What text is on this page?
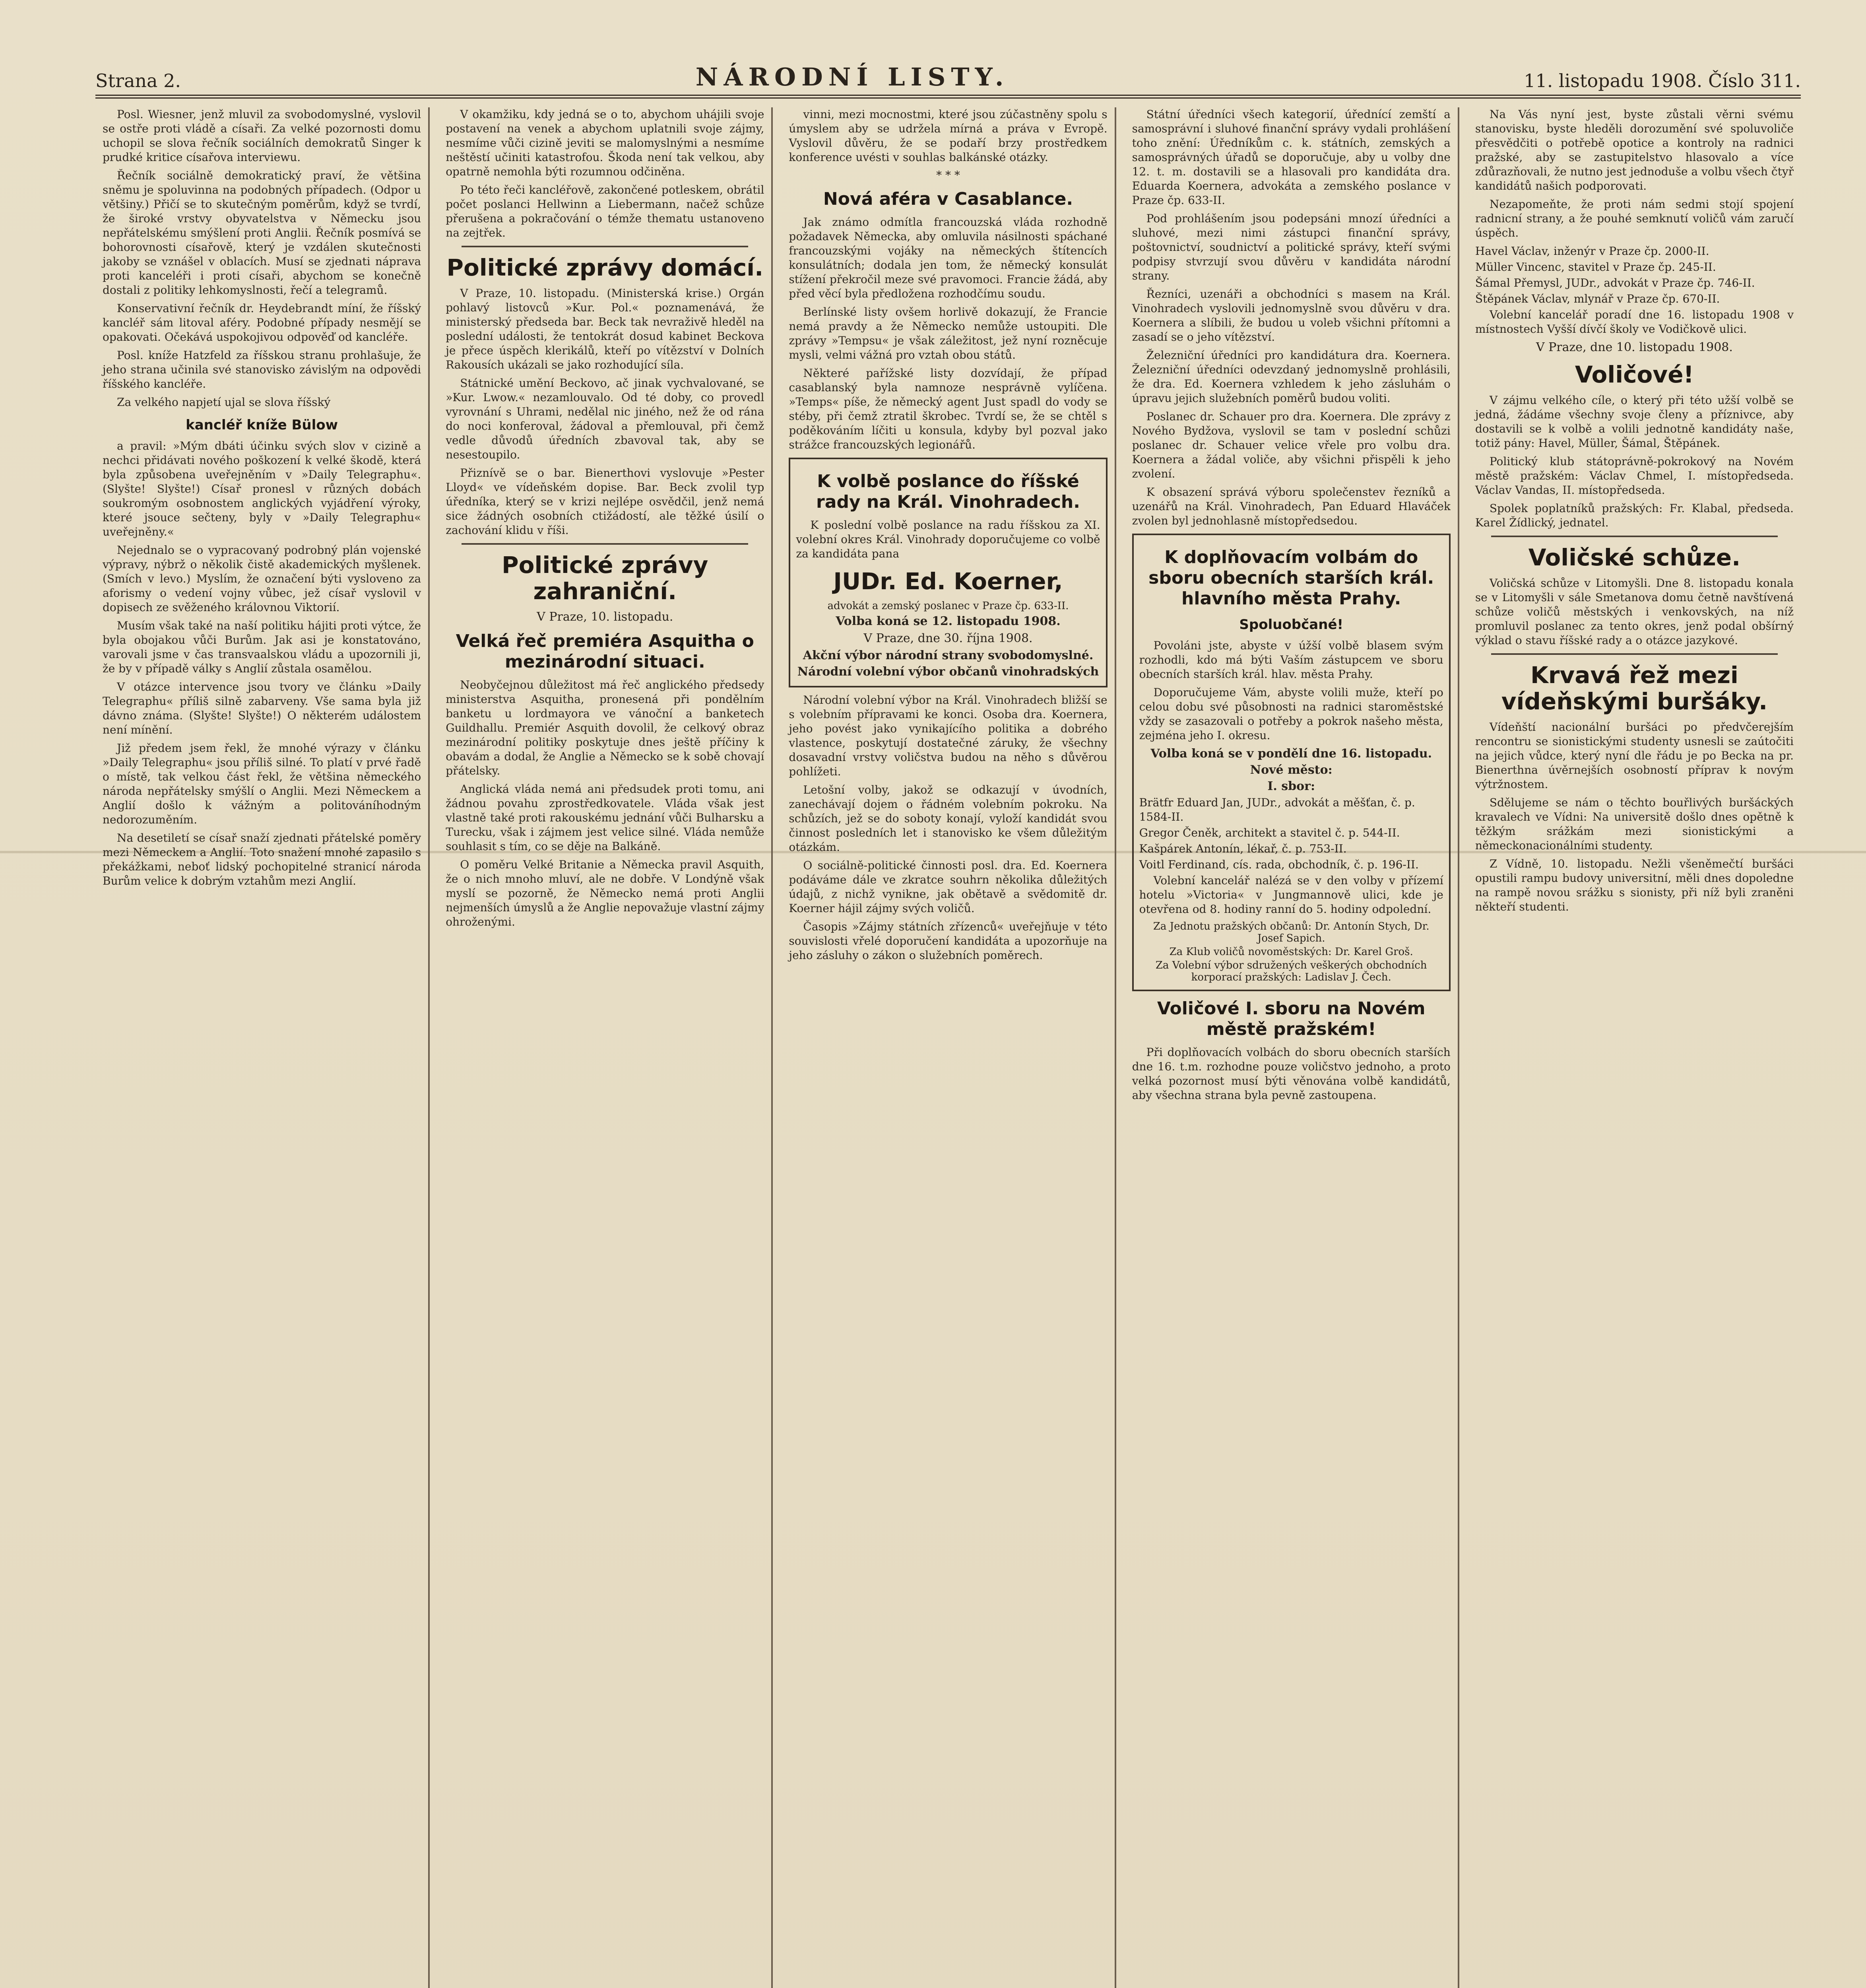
Strana 2.	NÁRODNÍ LISTY.	11. listopadu 1908. Číslo 311.

Posl. Wiesner, jenž mluvil za svobodomyslné, vyslovil se ostře proti vládě a císaři. Za velké pozornosti domu uchopil se slova řečník sociálních demokratů Singer k prudké kritice císařova interviewu.

Řečník sociálně demokratický praví, že většina sněmu je spoluvinna na podobných případech. (Odpor u většiny.) Přičí se to skutečným poměrům, když se tvrdí, že široké vrstvy obyvatelstva v Německu jsou nepřátelskému smýšlení proti Anglii. Řečník posmívá se bohorovnosti císařově, který je vzdálen skutečnosti jakoby se vznášel v oblacích. Musí se zjednati náprava proti kanceléři i proti císaři, abychom se konečně dostali z politiky lehkomyslnosti, řečí a telegramů.

Konservativní řečník dr. Heydebrandt míní, že říšský kancléř sám litoval aféry. Podobné případy nesmějí se opakovati. Očekává uspokojivou odpověď od kancléře.

Posl. kníže Hatzfeld za říšskou stranu prohlašuje, že jeho strana učinila své stanovisko závislým na odpovědi říšského kancléře.

Za velkého napjetí ujal se slova říšský

kancléř kníže Bülow

a pravil: »Mým dbáti účinku svých slov v cizině a nechci přidávati nového poškození k velké škodě, která byla způsobena uveřejněním v »Daily Telegraphu«. (Slyšte! Slyšte!) Císař pronesl v různých dobách soukromým osobnostem anglických vyjádření výroky, které jsouce sečteny, byly v »Daily Telegraphu« uveřejněny.«

Nejednalo se o vypracovaný podrobný plán vojenské výpravy, nýbrž o několik čistě akademických myšlenek. (Smích v levo.) Myslím, že označení býti vysloveno za aforismy o vedení vojny vůbec, jež císař vyslovil v dopisech ze svěženého královnou Viktorií.

Musím však také na naší politiku hájiti proti výtce, že byla obojakou vůči Burům. Jak asi je konstatováno, varovali jsme v čas transvaalskou vládu a upozornili ji, že by v případě války s Anglií zůstala osamělou.

V otázce intervence jsou tvory ve článku »Daily Telegraphu« příliš silně zabarveny. Vše sama byla již dávno známa. (Slyšte! Slyšte!) O některém událostem není mínění.

Již předem jsem řekl, že mnohé výrazy v článku »Daily Telegraphu« jsou příliš silné. To platí v prvé řadě o místě, tak velkou část řekl, že většina německého národa nepřátelsky smýšlí o Anglii. Mezi Německem a Anglií došlo k vážným a politováníhodným nedorozuměním.

Na desetiletí se císař snaží zjednati přátelské poměry mezi Německem a Anglií. Toto snažení mnohé zapasilo s překážkami, neboť lidský pochopitelné stranicí národa Burům velice k dobrým vztahům mezi Anglií.

V okamžiku, kdy jedná se o to, abychom uhájili svoje postavení na venek a abychom uplatnili svoje zájmy, nesmíme vůči cizině jeviti se malomyslnými a nesmíme neštěstí učiniti katastrofou. Škoda není tak velkou, aby opatrně nemohla býti rozumnou odčiněna.

Po této řeči kancléřově, zakončené potleskem, obrátil počet poslanci Hellwinn a Liebermann, načež schůze přerušena a pokračování o témže thematu ustanoveno na zejtřek.

Politické zprávy domácí.

V Praze, 10. listopadu. (Ministerská krise.) Orgán pohlavý listovců »Kur. Pol.« poznamenává, že ministerský předseda bar. Beck tak nevraživě hleděl na poslední události, že tentokrát dosud kabinet Beckova je přece úspěch klerikálů, kteří po vítězství v Dolních Rakousích ukázali se jako rozhodující síla.

Státnické umění Beckovo, ač jinak vychvalované, se »Kur. Lwow.« nezamlouvalo. Od té doby, co provedl vyrovnání s Uhrami, nedělal nic jiného, než že od rána do noci konferoval, žádoval a přemlouval, při čemž vedle důvodů úředních zbavoval tak, aby se nesestoupilo.

Přiznívě se o bar. Bienerthovi vyslovuje »Pester Lloyd« ve vídeňském dopise. Bar. Beck zvolil typ úředníka, který se v krizi nejlépe osvědčil, jenž nemá sice žádných osobních ctižádostí, ale těžké úsilí o zachování klidu v říši.

Politické zprávy zahraniční.
V Praze, 10. listopadu.
Velká řeč premiéra Asquitha o mezinárodní situaci.

Neobyčejnou důležitost má řeč anglického předsedy ministerstva Asquitha, pronesená při pondělním banketu u lordmayora ve vánoční a banketech Guildhallu. Premiér Asquith dovolil, že celkový obraz mezinárodní politiky poskytuje dnes ještě příčiny k obavám a dodal, že Anglie a Německo se k sobě chovají přátelsky.

Anglická vláda nemá ani předsudek proti tomu, ani žádnou povahu zprostředkovatele. Vláda však jest vlastně také proti rakouskému jednání vůči Bulharsku a Turecku, však i zájmem jest velice silné. Vláda nemůže souhlasit s tím, co se děje na Balkáně.

O poměru Velké Britanie a Německa pravil Asquith, že o nich mnoho mluví, ale ne dobře. V Londýně však myslí se pozorně, že Německo nemá proti Anglii nejmenších úmyslů a že Anglie nepovažuje vlastní zájmy ohroženými.

vinni, mezi mocnostmi, které jsou zúčastněny spolu s úmyslem aby se udržela mírná a práva v Evropě. Vyslovil důvěru, že se podaří brzy prostředkem konference uvésti v souhlas balkánské otázky.

* * *
Nová aféra v Casablance.

Jak známo odmítla francouzská vláda rozhodně požadavek Německa, aby omluvila násilnosti spáchané francouzskými vojáky na německých štítencích konsulátních; dodala jen tom, že německý konsulát stížení překročil meze své pravomoci. Francie žádá, aby před věcí byla předložena rozhodčímu soudu.

Berlínské listy ovšem horlivě dokazují, že Francie nemá pravdy a že Německo nemůže ustoupiti. Dle zprávy »Tempsu« je však záležitost, jež nyní rozněcuje mysli, velmi vážná pro vztah obou států.

Některé pařížské listy dozvídají, že případ casablanský byla namnoze nesprávně vylíčena. »Temps« píše, že německý agent Just spadl do vody se stéby, při čemž ztratil škrobec. Tvrdí se, že se chtěl s poděkováním líčiti u konsula, kdyby byl pozval jako strážce francouzských legionářů.

K volbě poslance do říšské rady na Král. Vinohradech.

K poslední volbě poslance na radu říšskou za XI. volební okres Král. Vinohrady doporučujeme co volbě za kandidáta pana

JUDr. Ed. Koerner,
advokát a zemský poslanec v Praze čp. 633-II.
Volba koná se 12. listopadu 1908.
V Praze, dne 30. října 1908.
Akční výbor národní strany svobodomyslné.
Národní volební výbor občanů vinohradských

Národní volební výbor na Král. Vinohradech bližší se s volebním přípravami ke konci. Osoba dra. Koernera, jeho povést jako vynikajícího politika a dobrého vlastence, poskytují dostatečné záruky, že všechny dosavadní vrstvy voličstva budou na něho s důvěrou pohlížeti.

Letošní volby, jakož se odkazují v úvodních, zanechávají dojem o řádném volebním pokroku. Na schůzích, jež se do soboty konají, vyloží kandidát svou činnost posledních let i stanovisko ke všem důležitým otázkám.

O sociálně-politické činnosti posl. dra. Ed. Koernera podáváme dále ve zkratce souhrn několika důležitých údajů, z nichž vynikne, jak obětavě a svědomitě dr. Koerner hájil zájmy svých voličů.

Časopis »Zájmy státních zřízenců« uveřejňuje v této souvislosti vřelé doporučení kandidáta a upozorňuje na jeho zásluhy o zákon o služebních poměrech.

Státní úředníci všech kategorií, úřednící zemští a samosprávní i sluhové finanční správy vydali prohlášení toho znění: Úředníkům c. k. státních, zemských a samosprávných úřadů se doporučuje, aby u volby dne 12. t. m. dostavili se a hlasovali pro kandidáta dra. Eduarda Koernera, advokáta a zemského poslance v Praze čp. 633-II.

Pod prohlášením jsou podepsáni mnozí úředníci a sluhové, mezi nimi zástupci finanční správy, poštovnictví, soudnictví a politické správy, kteří svými podpisy stvrzují svou důvěru v kandidáta národní strany.

Řezníci, uzenáři a obchodníci s masem na Král. Vinohradech vyslovili jednomyslně svou důvěru v dra. Koernera a slíbili, že budou u voleb všichni přítomni a zasadí se o jeho vítězství.

Železniční úředníci pro kandidátura dra. Koernera. Železniční úředníci odevzdaný jednomyslně prohlásili, že dra. Ed. Koernera vzhledem k jeho zásluhám o úpravu jejich služebních poměrů budou voliti.

Poslanec dr. Schauer pro dra. Koernera. Dle zprávy z Nového Bydžova, vyslovil se tam v poslední schůzi poslanec dr. Schauer velice vřele pro volbu dra. Koernera a žádal voliče, aby všichni přispěli k jeho zvolení.

K obsazení správá výboru společenstev řezníků a uzenářů na Král. Vinohradech, Pan Eduard Hlaváček zvolen byl jednohlasně místopředsedou.

K doplňovacím volbám do sboru obecních starších král. hlavního města Prahy.
Spoluobčané!

Povoláni jste, abyste v úžší volbě blasem svým rozhodli, kdo má býti Vaším zástupcem ve sboru obecních starších král. hlav. města Prahy.

Doporučujeme Vám, abyste volili muže, kteří po celou dobu své působnosti na radnici staroměstské vždy se zasazovali o potřeby a pokrok našeho města, zejména jeho I. okresu.

Volba koná se v pondělí dne 16. listopadu.
Nové město:
I. sbor:
Brätfr Eduard Jan, JUDr., advokát a měšťan, č. p. 1584-II.
Gregor Čeněk, architekt a stavitel č. p. 544-II.
Kašpárek Antonín, lékař, č. p. 753-II.
Voitl Ferdinand, cís. rada, obchodník, č. p. 196-II.

Volební kancelář nalézá se v den volby v přízemí hotelu »Victoria« v Jungmannově ulici, kde je otevřena od 8. hodiny ranní do 5. hodiny odpolední.

Za Jednotu pražských občanů: Dr. Antonín Stych, Dr. Josef Sapich.
Za Klub voličů novoměstských: Dr. Karel Groš.
Za Volební výbor sdružených veškerých obchodních korporací pražských: Ladislav J. Čech.
Voličové I. sboru na Novém městě pražském!

Při doplňovacích volbách do sboru obecních starších dne 16. t.m. rozhodne pouze voličstvo jednoho, a proto velká pozornost musí býti věnována volbě kandidátů, aby všechna strana byla pevně zastoupena.

Na Vás nyní jest, byste zůstali věrni svému stanovisku, byste hleděli dorozumění své spoluvoliče přesvědčiti o potřebě opotice a kontroly na radnici pražské, aby se zastupitelstvo hlasovalo a více zdůrazňovali, že nutno jest jednoduše a volbu všech čtyř kandidátů našich podporovati.

Nezapomeňte, že proti nám sedmi stojí spojení radnicní strany, a že pouhé semknutí voličů vám zaručí úspěch.

Havel Václav, inženýr v Praze čp. 2000-II.
Müller Vincenc, stavitel v Praze čp. 245-II.
Šámal Přemysl, JUDr., advokát v Praze čp. 746-II.
Štěpánek Václav, mlynář v Praze čp. 670-II.

Volební kancelář poradí dne 16. listopadu 1908 v místnostech Vyšší dívčí školy ve Vodičkově ulici.

V Praze, dne 10. listopadu 1908.
Voličové!

V zájmu velkého cíle, o který při této užší volbě se jedná, žádáme všechny svoje členy a příznivce, aby dostavili se k volbě a volili jednotně kandidáty naše, totiž pány: Havel, Müller, Šámal, Štěpánek.

Politický klub státoprávně-pokrokový na Novém městě pražském: Václav Chmel, I. místopředseda. Václav Vandas, II. místopředseda.

Spolek poplatníků pražských: Fr. Klabal, předseda. Karel Žídlický, jednatel.

Voličské schůze.

Voličská schůze v Litomyšli. Dne 8. listopadu konala se v Litomyšli v sále Smetanova domu četně navštívená schůze voličů městských i venkovských, na níž promluvil poslanec za tento okres, jenž podal obšírný výklad o stavu říšské rady a o otázce jazykové.

Krvavá řež mezi vídeňskými buršáky.

Vídeňští nacionální buršáci po předvčerejším rencontru se sionistickými studenty usnesli se zaútočiti na jejich vůdce, který nyní dle řádu je po Becka na pr. Bienerthna úvěrnejších osobností příprav k novým výtržnostem.

Sdělujeme se nám o těchto bouřlivých buršáckých kravalech ve Vídni: Na universitě došlo dnes opětně k těžkým srážkám mezi sionistickými a německonacionálními studenty.

Z Vídně, 10. listopadu. Nežli všeněmečtí buršáci opustili rampu budovy universitní, měli dnes dopoledne na rampě novou srážku s sionisty, při níž byli zraněni někteří studenti.
